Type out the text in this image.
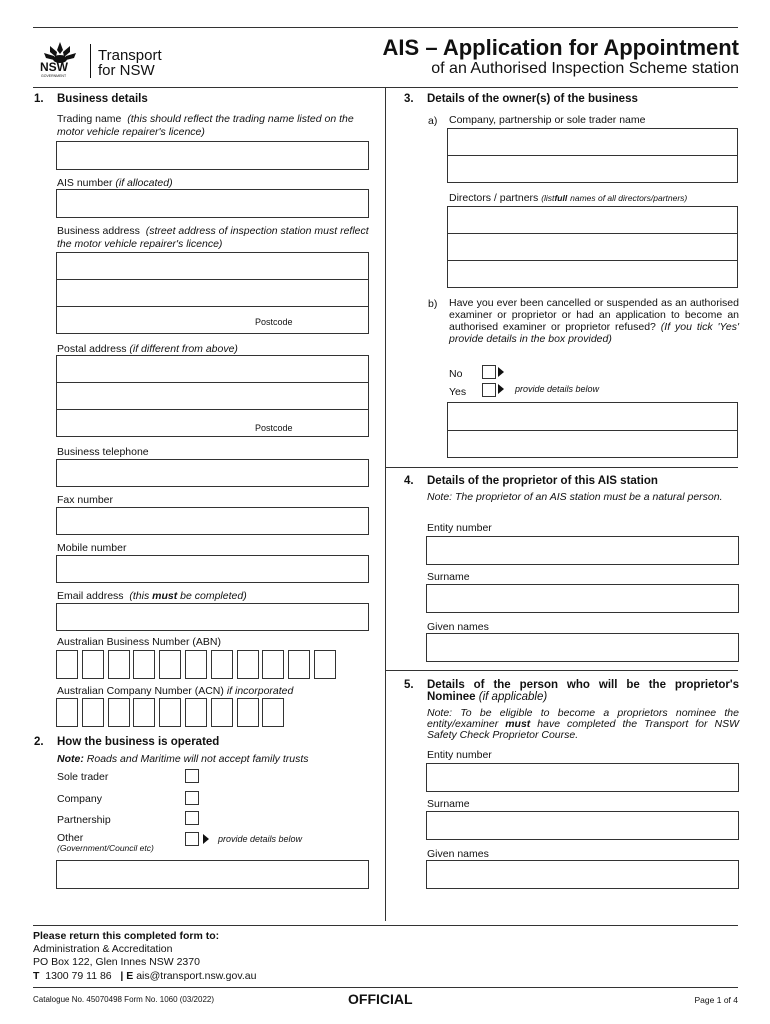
NSW
GOVERNMENT
Transport
for NSW
AIS – Application for Appointment
of an Authorised Inspection Scheme station
1. Business details
Trading name (this should reflect the trading name listed on the motor vehicle repairer's licence)
AIS number (if allocated)
Business address (street address of inspection station must reflect the motor vehicle repairer's licence)
Postcode
Postal address (if different from above)
Postcode
Business telephone
Fax number
Mobile number
Email address (this must be completed)
Australian Business Number (ABN)
Australian Company Number (ACN) if incorporated
2. How the business is operated
Note: Roads and Maritime will not accept family trusts
Sole trader
Company
Partnership
Other
(Government/Council etc)
provide details below
3. Details of the owner(s) of the business
a) Company, partnership or sole trader name
Directors / partners (listfull names of all directors/partners)
b) Have you ever been cancelled or suspended as an authorised examiner or proprietor or had an application to become an authorised examiner or proprietor refused? (If you tick 'Yes' provide details in the box provided)
No
Yes	provide details below
4. Details of the proprietor of this AIS station
Note: The proprietor of an AIS station must be a natural person.
Entity number
Surname
Given names
5. Details of the person who will be the proprietor's Nominee (if applicable)
Note: To be eligible to become a proprietors nominee the entity/examiner must have completed the Transport for NSW Safety Check Proprietor Course.
Entity number
Surname
Given names
Please return this completed form to:
Administration & Accreditation
PO Box 122, Glen Innes NSW 2370
T 1300 79 11 86 | E ais@transport.nsw.gov.au
Catalogue No. 45070498 Form No. 1060 (03/2022)	OFFICIAL	Page 1 of 4
